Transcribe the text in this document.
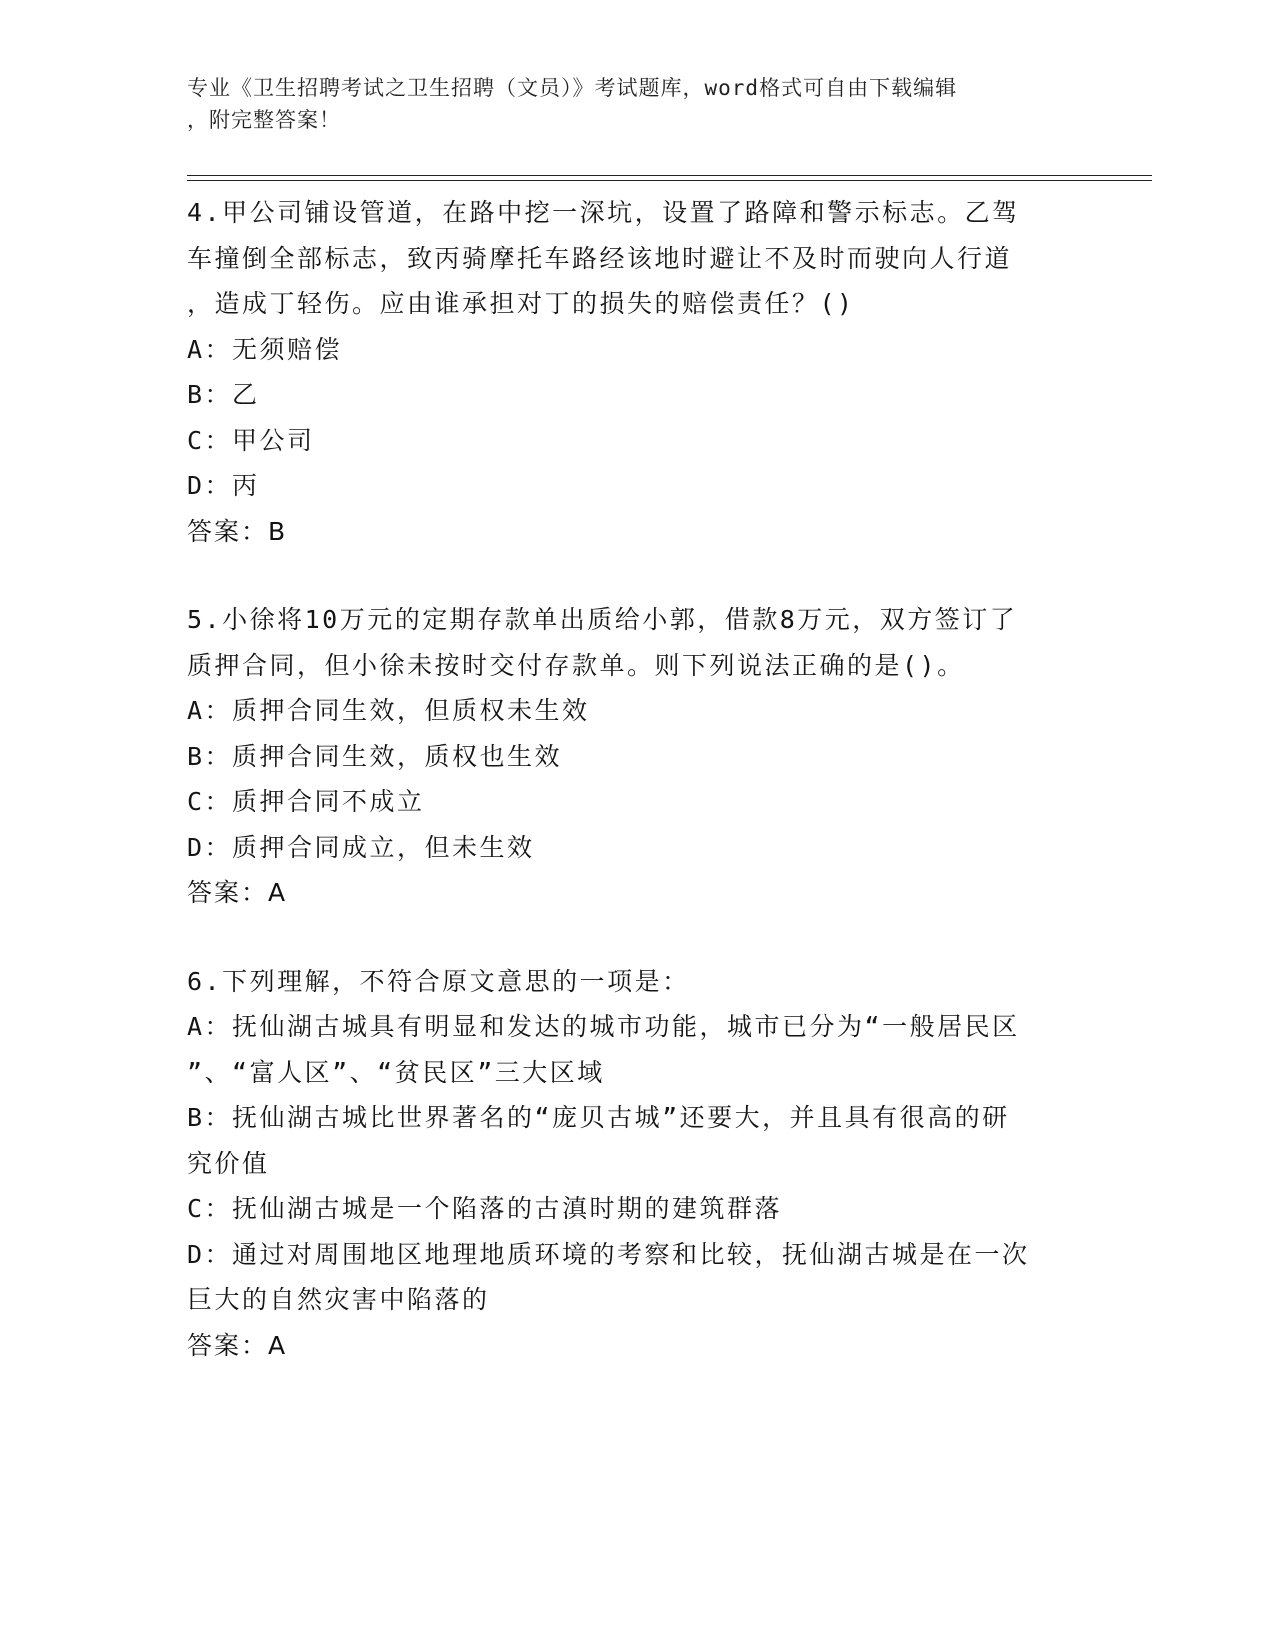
专业《卫生招聘考试之卫生招聘（文员）》考试题库，word格式可自由下载编辑
，附完整答案！
4.甲公司铺设管道，在路中挖一深坑，设置了路障和警示标志。乙驾
车撞倒全部标志，致丙骑摩托车路经该地时避让不及时而驶向人行道
，造成丁轻伤。应由谁承担对丁的损失的赔偿责任？()
A：无须赔偿
B：乙
C：甲公司
D：丙
答案：B
5.小徐将10万元的定期存款单出质给小郭，借款8万元，双方签订了
质押合同，但小徐未按时交付存款单。则下列说法正确的是()。
A：质押合同生效，但质权未生效
B：质押合同生效，质权也生效
C：质押合同不成立
D：质押合同成立，但未生效
答案：A
6.下列理解，不符合原文意思的一项是：
A：抚仙湖古城具有明显和发达的城市功能，城市已分为“一般居民区
”、“富人区”、“贫民区”三大区域
B：抚仙湖古城比世界著名的“庞贝古城”还要大，并且具有很高的研
究价值
C：抚仙湖古城是一个陷落的古滇时期的建筑群落
D：通过对周围地区地理地质环境的考察和比较，抚仙湖古城是在一次
巨大的自然灾害中陷落的
答案：A
